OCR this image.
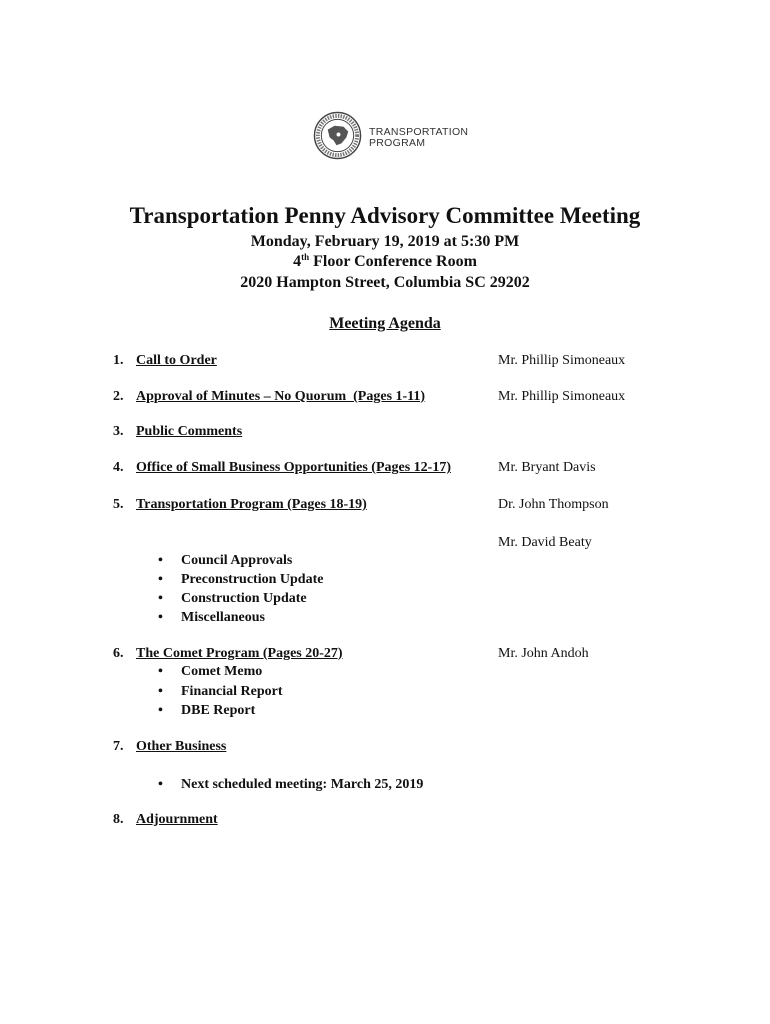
TRANSPORTATION
PROGRAM
Transportation Penny Advisory Committee Meeting
Monday, February 19, 2019 at 5:30 PM
4th Floor Conference Room
2020 Hampton Street, Columbia SC 29202
Meeting Agenda
1. Call to Order	Mr. Phillip Simoneaux
2. Approval of Minutes – No Quorum  (Pages 1-11)	Mr. Phillip Simoneaux
3. Public Comments
4. Office of Small Business Opportunities (Pages 12-17)	Mr. Bryant Davis
5. Transportation Program (Pages 18-19)	Dr. John Thompson
Mr. David Beaty
• Council Approvals
• Preconstruction Update
• Construction Update
• Miscellaneous
6. The Comet Program (Pages 20-27)	Mr. John Andoh
• Comet Memo
• Financial Report
• DBE Report
7. Other Business
• Next scheduled meeting: March 25, 2019
8. Adjournment
